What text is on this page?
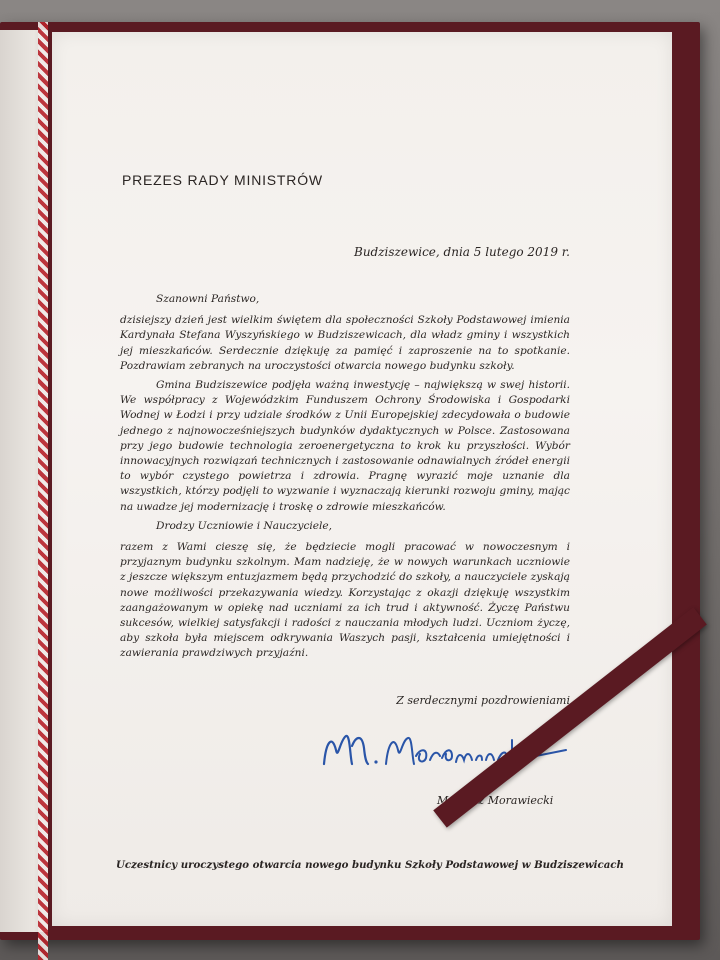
PREZES RADY MINISTRÓW
Budziszewice, dnia 5 lutego 2019 r.

Szanowni Państwo,

dzisiejszy dzień jest wielkim świętem dla społeczności Szkoły Podstawowej imienia Kardynała Stefana Wyszyńskiego w Budziszewicach, dla władz gminy i wszystkich jej mieszkańców. Serdecznie dziękuję za pamięć i zaproszenie na to spotkanie. Pozdrawiam zebranych na uroczystości otwarcia nowego budynku szkoły.

Gmina Budziszewice podjęła ważną inwestycję – największą w swej historii. We współpracy z Wojewódzkim Funduszem Ochrony Środowiska i Gospodarki Wodnej w Łodzi i przy udziale środków z Unii Europejskiej zdecydowała o budowie jednego z najnowocześniejszych budynków dydaktycznych w Polsce. Zastosowana przy jego budowie technologia zeroenergetyczna to krok ku przyszłości. Wybór innowacyjnych rozwiązań technicznych i zastosowanie odnawialnych źródeł energii to wybór czystego powietrza i zdrowia. Pragnę wyrazić moje uznanie dla wszystkich, którzy podjęli to wyzwanie i wyznaczają kierunki rozwoju gminy, mając na uwadze jej modernizację i troskę o zdrowie mieszkańców.

Drodzy Uczniowie i Nauczyciele,

razem z Wami cieszę się, że będziecie mogli pracować w nowoczesnym i przyjaznym budynku szkolnym. Mam nadzieję, że w nowych warunkach uczniowie z jeszcze większym entuzjazmem będą przychodzić do szkoły, a nauczyciele zyskają nowe możliwości przekazywania wiedzy. Korzystając z okazji dziękuję wszystkim zaangażowanym w opiekę nad uczniami za ich trud i aktywność. Życzę Państwu sukcesów, wielkiej satysfakcji i radości z nauczania młodych ludzi. Uczniom życzę, aby szkoła była miejscem odkrywania Waszych pasji, kształcenia umiejętności i zawierania prawdziwych przyjaźni.

Z serdecznymi pozdrowieniami
Mateusz Morawiecki
Uczestnicy uroczystego otwarcia nowego budynku Szkoły Podstawowej w Budziszewicach
